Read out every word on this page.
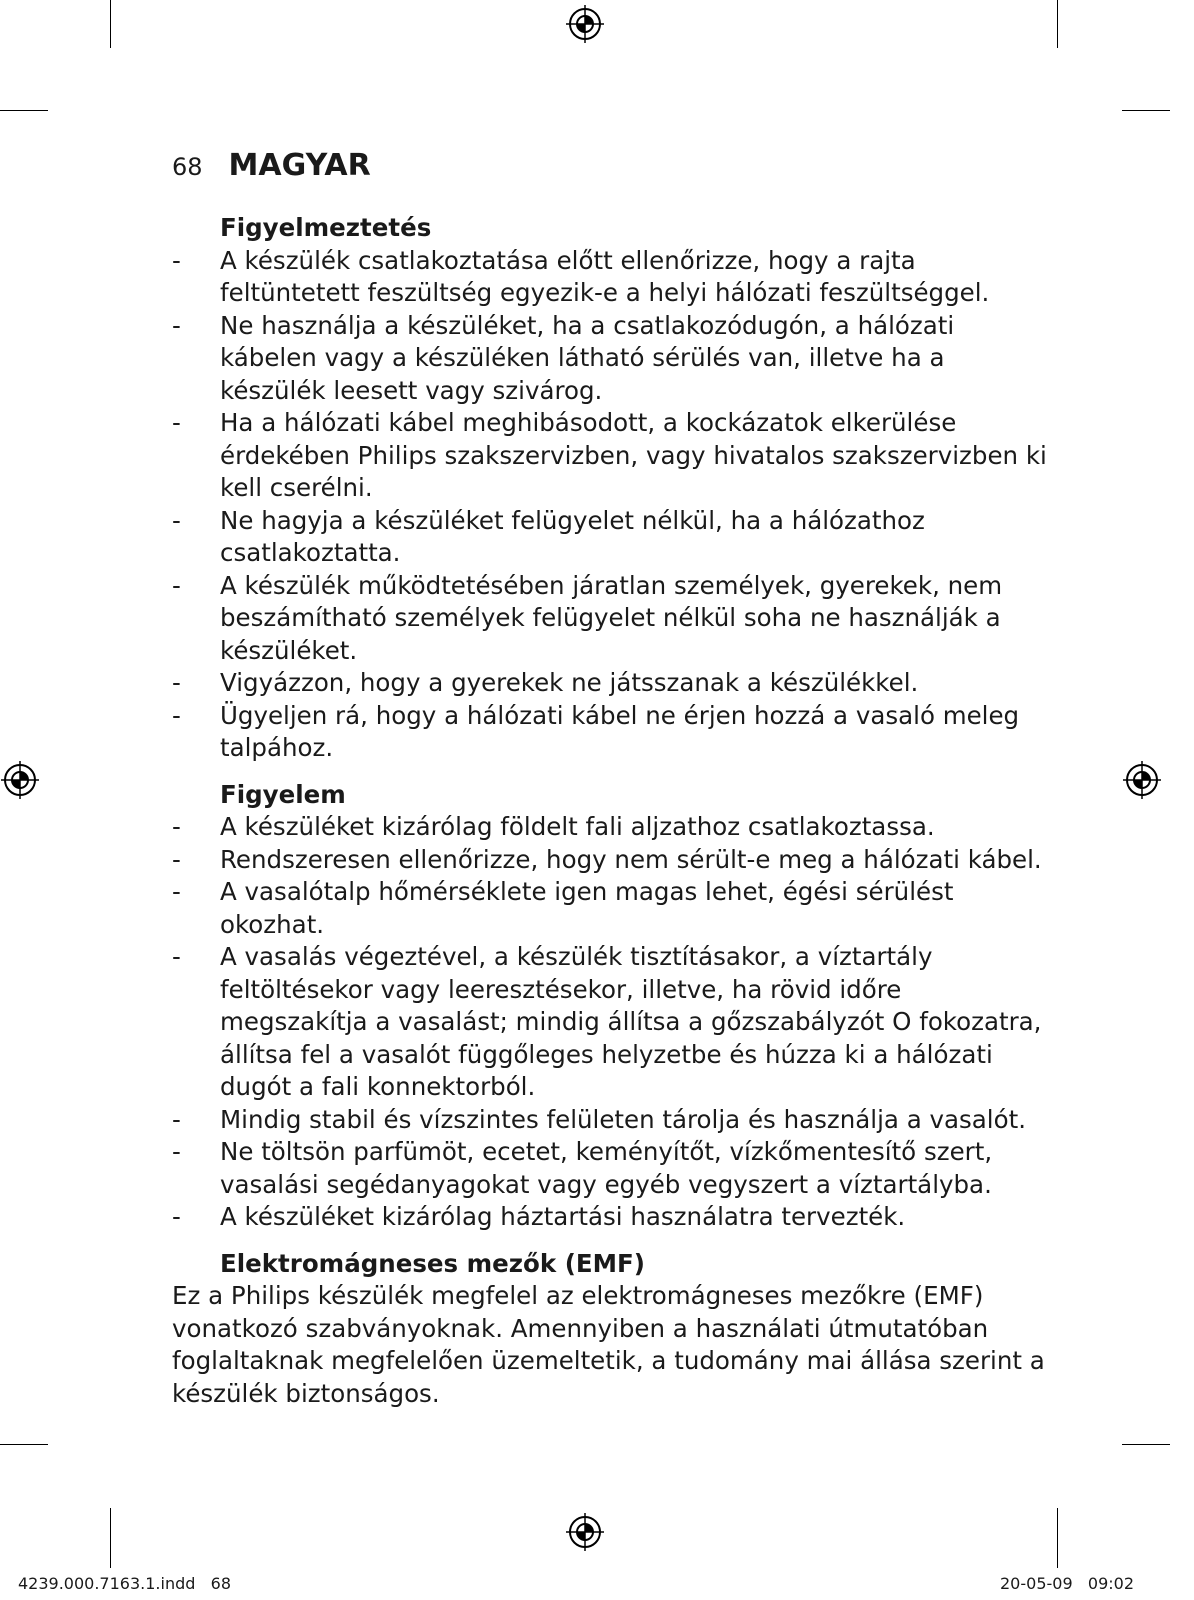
68 MAGYAR
Figyelmeztetés
- A készülék csatlakoztatása előtt ellenőrizze, hogy a rajta feltüntetett feszültség egyezik-e a helyi hálózati feszültséggel.
- Ne használja a készüléket, ha a csatlakozódugón, a hálózati kábelen vagy a készüléken látható sérülés van, illetve ha a készülék leesett vagy szivárog.
- Ha a hálózati kábel meghibásodott, a kockázatok elkerülése érdekében Philips szakszervizben, vagy hivatalos szakszervizben ki kell cserélni.
- Ne hagyja a készüléket felügyelet nélkül, ha a hálózathoz csatlakoztatta.
- A készülék működtetésében járatlan személyek, gyerekek, nem beszámítható személyek felügyelet nélkül soha ne használják a készüléket.
- Vigyázzon, hogy a gyerekek ne játsszanak a készülékkel.
- Ügyeljen rá, hogy a hálózati kábel ne érjen hozzá a vasaló meleg talpához.
Figyelem
- A készüléket kizárólag földelt fali aljzathoz csatlakoztassa.
- Rendszeresen ellenőrizze, hogy nem sérült-e meg a hálózati kábel.
- A vasalótalp hőmérséklete igen magas lehet, égési sérülést okozhat.
- A vasalás végeztével, a készülék tisztításakor, a víztartály feltöltésekor vagy leeresztésekor, illetve, ha rövid időre megszakítja a vasalást; mindig állítsa a gőzszabályzót O fokozatra, állítsa fel a vasalót függőleges helyzetbe és húzza ki a hálózati dugót a fali konnektorból.
- Mindig stabil és vízszintes felületen tárolja és használja a vasalót.
- Ne töltsön parfümöt, ecetet, keményítőt, vízkőmentesítő szert, vasalási segédanyagokat vagy egyéb vegyszert a víztartályba.
- A készüléket kizárólag háztartási használatra tervezték.
Elektromágneses mezők (EMF)

Ez a Philips készülék megfelel az elektromágneses mezőkre (EMF) vonatkozó szabványoknak. Amennyiben a használati útmutatóban foglaltaknak megfelelően üzemeltetik, a tudomány mai állása szerint a készülék biztonságos.

4239.000.7163.1.indd   68	20-05-09   09:02
